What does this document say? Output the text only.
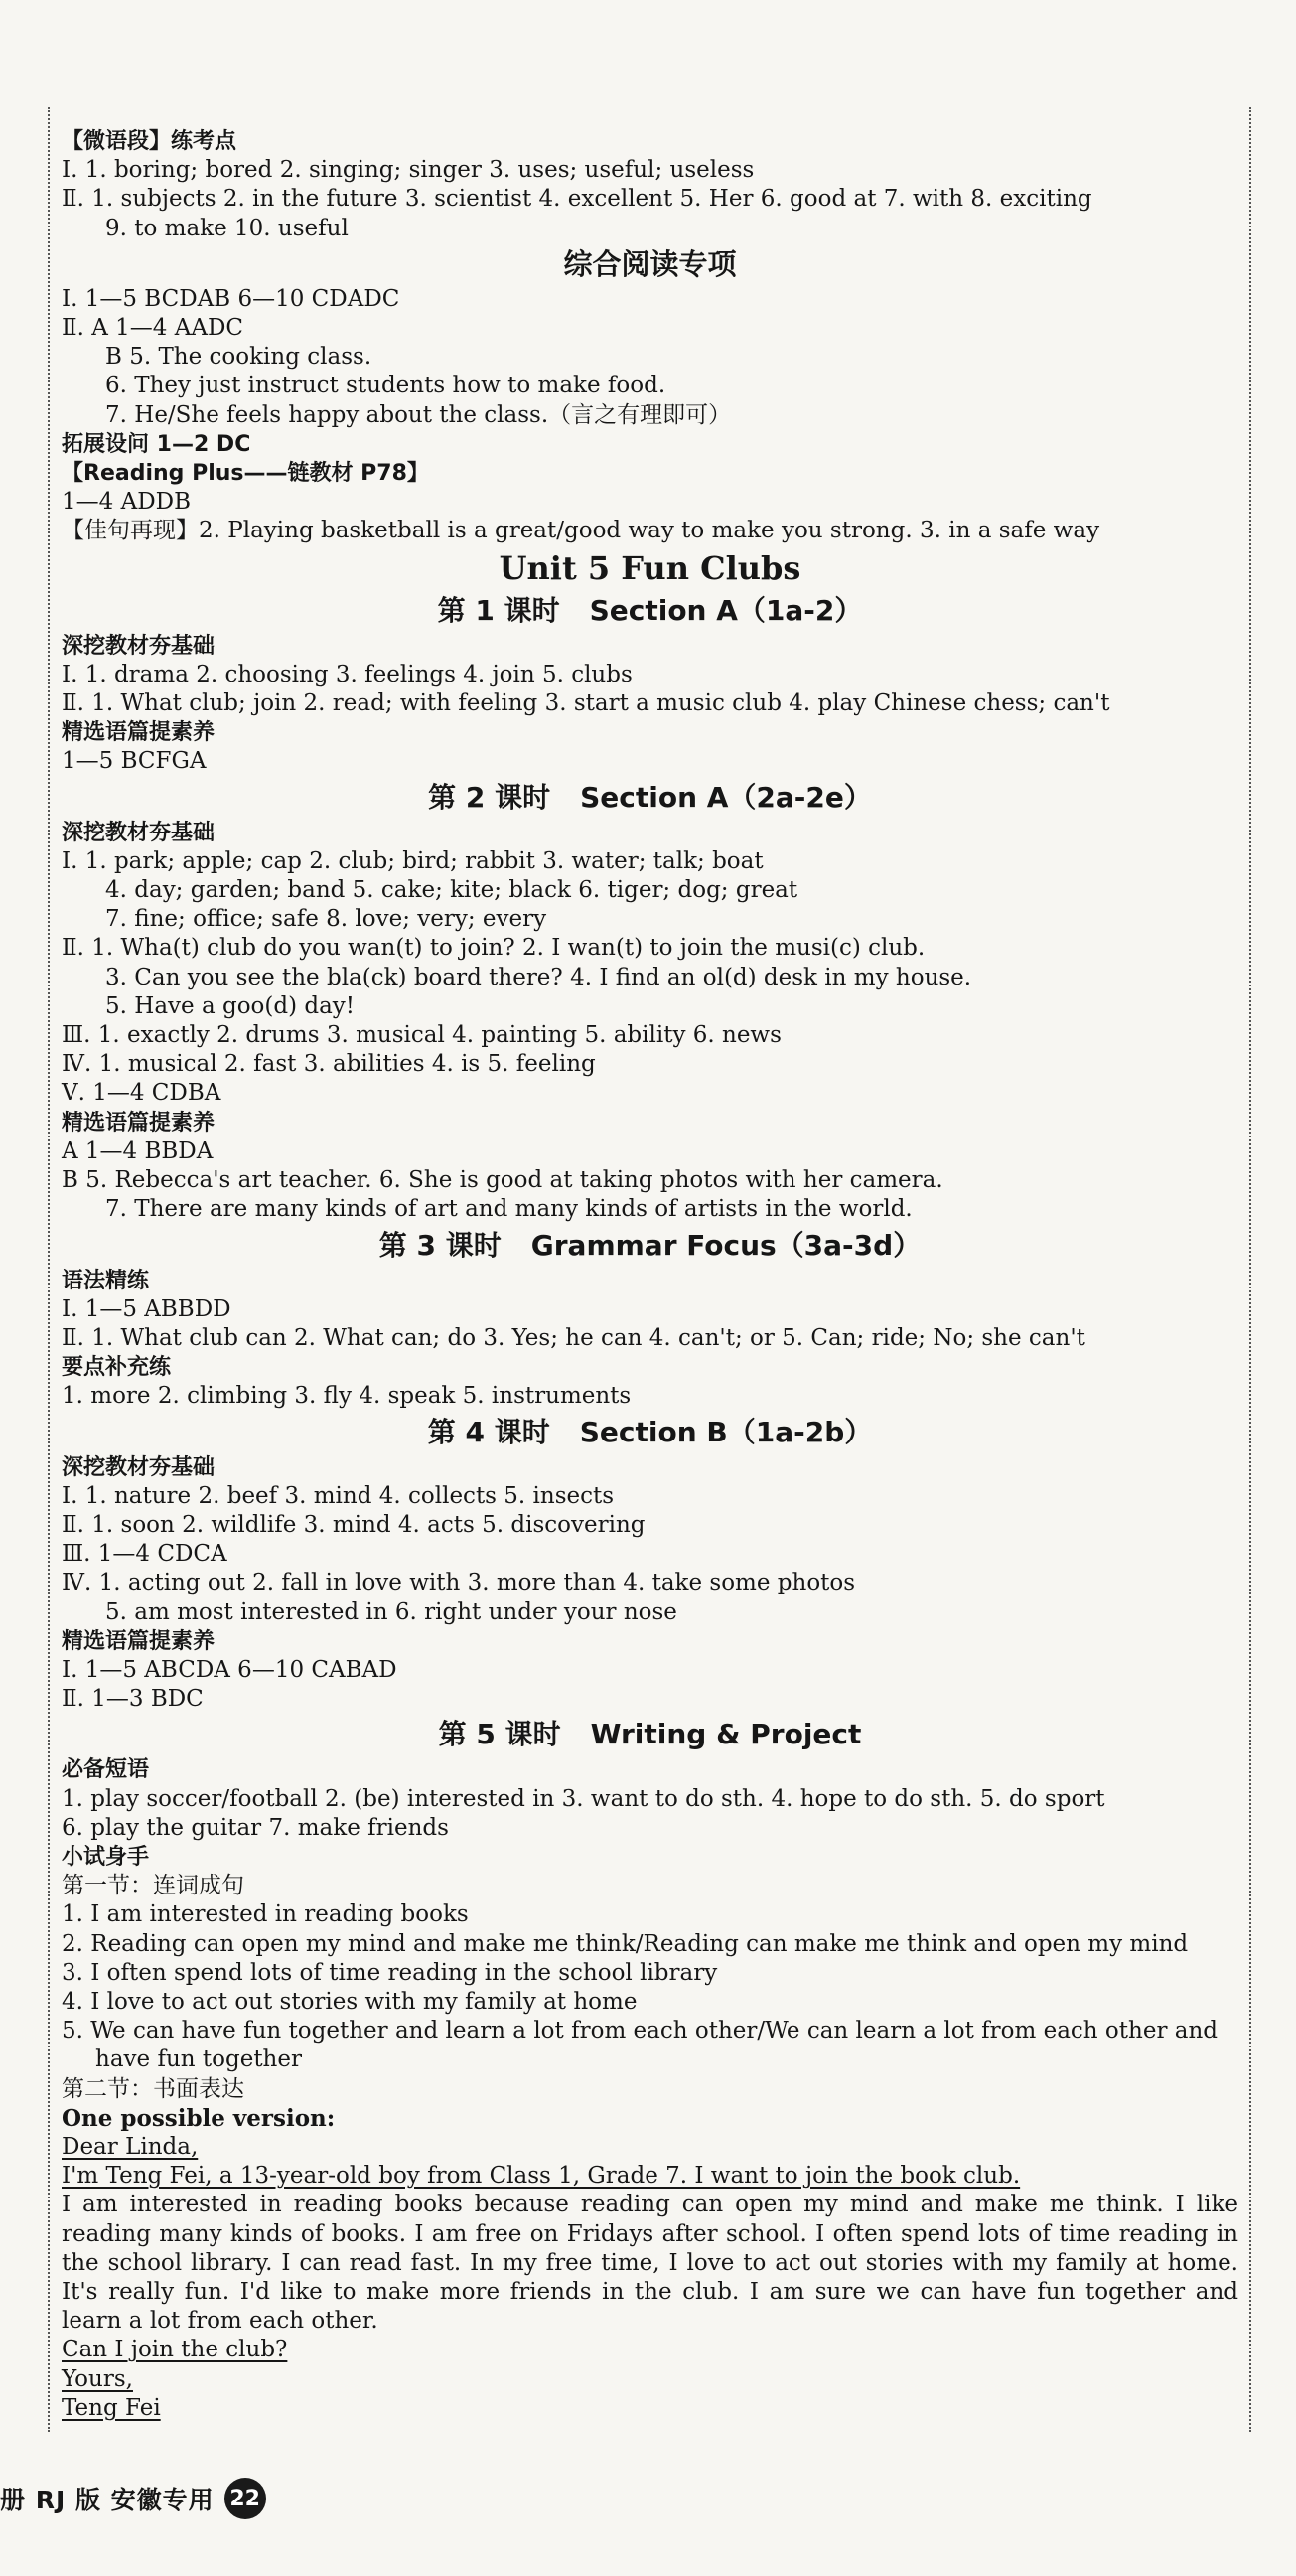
【微语段】练考点
Ⅰ. 1. boring; bored 2. singing; singer 3. uses; useful; useless
Ⅱ. 1. subjects 2. in the future 3. scientist 4. excellent 5. Her 6. good at 7. with 8. exciting
9. to make 10. useful
综合阅读专项
Ⅰ. 1—5 BCDAB 6—10 CDADC
Ⅱ. A 1—4 AADC
B 5. The cooking class.
6. They just instruct students how to make food.
7. He/She feels happy about the class.（言之有理即可）
拓展设问 1—2 DC
【Reading Plus——链教材 P78】
1—4 ADDB
【佳句再现】2. Playing basketball is a great/good way to make you strong. 3. in a safe way
Unit 5 Fun Clubs
第 1 课时 Section A（1a-2）
深挖教材夯基础
Ⅰ. 1. drama 2. choosing 3. feelings 4. join 5. clubs
Ⅱ. 1. What club; join 2. read; with feeling 3. start a music club 4. play Chinese chess; can't
精选语篇提素养
1—5 BCFGA
第 2 课时 Section A（2a-2e）
深挖教材夯基础
Ⅰ. 1. park; apple; cap 2. club; bird; rabbit 3. water; talk; boat
4. day; garden; band 5. cake; kite; black 6. tiger; dog; great
7. fine; office; safe 8. love; very; every
Ⅱ. 1. Wha(t) club do you wan(t) to join? 2. I wan(t) to join the musi(c) club.
3. Can you see the bla(ck) board there? 4. I find an ol(d) desk in my house.
5. Have a goo(d) day!
Ⅲ. 1. exactly 2. drums 3. musical 4. painting 5. ability 6. news
Ⅳ. 1. musical 2. fast 3. abilities 4. is 5. feeling
Ⅴ. 1—4 CDBA
精选语篇提素养
A 1—4 BBDA
B 5. Rebecca's art teacher. 6. She is good at taking photos with her camera.
7. There are many kinds of art and many kinds of artists in the world.
第 3 课时 Grammar Focus（3a-3d）
语法精练
Ⅰ. 1—5 ABBDD
Ⅱ. 1. What club can 2. What can; do 3. Yes; he can 4. can't; or 5. Can; ride; No; she can't
要点补充练
1. more 2. climbing 3. fly 4. speak 5. instruments
第 4 课时 Section B（1a-2b）
深挖教材夯基础
Ⅰ. 1. nature 2. beef 3. mind 4. collects 5. insects
Ⅱ. 1. soon 2. wildlife 3. mind 4. acts 5. discovering
Ⅲ. 1—4 CDCA
Ⅳ. 1. acting out 2. fall in love with 3. more than 4. take some photos
5. am most interested in 6. right under your nose
精选语篇提素养
Ⅰ. 1—5 ABCDA 6—10 CABAD
Ⅱ. 1—3 BDC
第 5 课时 Writing & Project
必备短语
1. play soccer/football 2. (be) interested in 3. want to do sth. 4. hope to do sth. 5. do sport
6. play the guitar 7. make friends
小试身手
第一节：连词成句
1. I am interested in reading books
2. Reading can open my mind and make me think/Reading can make me think and open my mind
3. I often spend lots of time reading in the school library
4. I love to act out stories with my family at home
5. We can have fun together and learn a lot from each other/We can learn a lot from each other and
have fun together
第二节：书面表达
One possible version:
Dear Linda,
I'm Teng Fei, a 13-year-old boy from Class 1, Grade 7. I want to join the book club.
I am interested in reading books because reading can open my mind and make me think. I like reading many kinds of books. I am free on Fridays after school. I often spend lots of time reading in the school library. I can read fast. In my free time, I love to act out stories with my family at home. It's really fun. I'd like to make more friends in the club. I am sure we can have fun together and learn a lot from each other.
Can I join the club?
Yours,
Teng Fei
册 RJ 版 安徽专用 22
